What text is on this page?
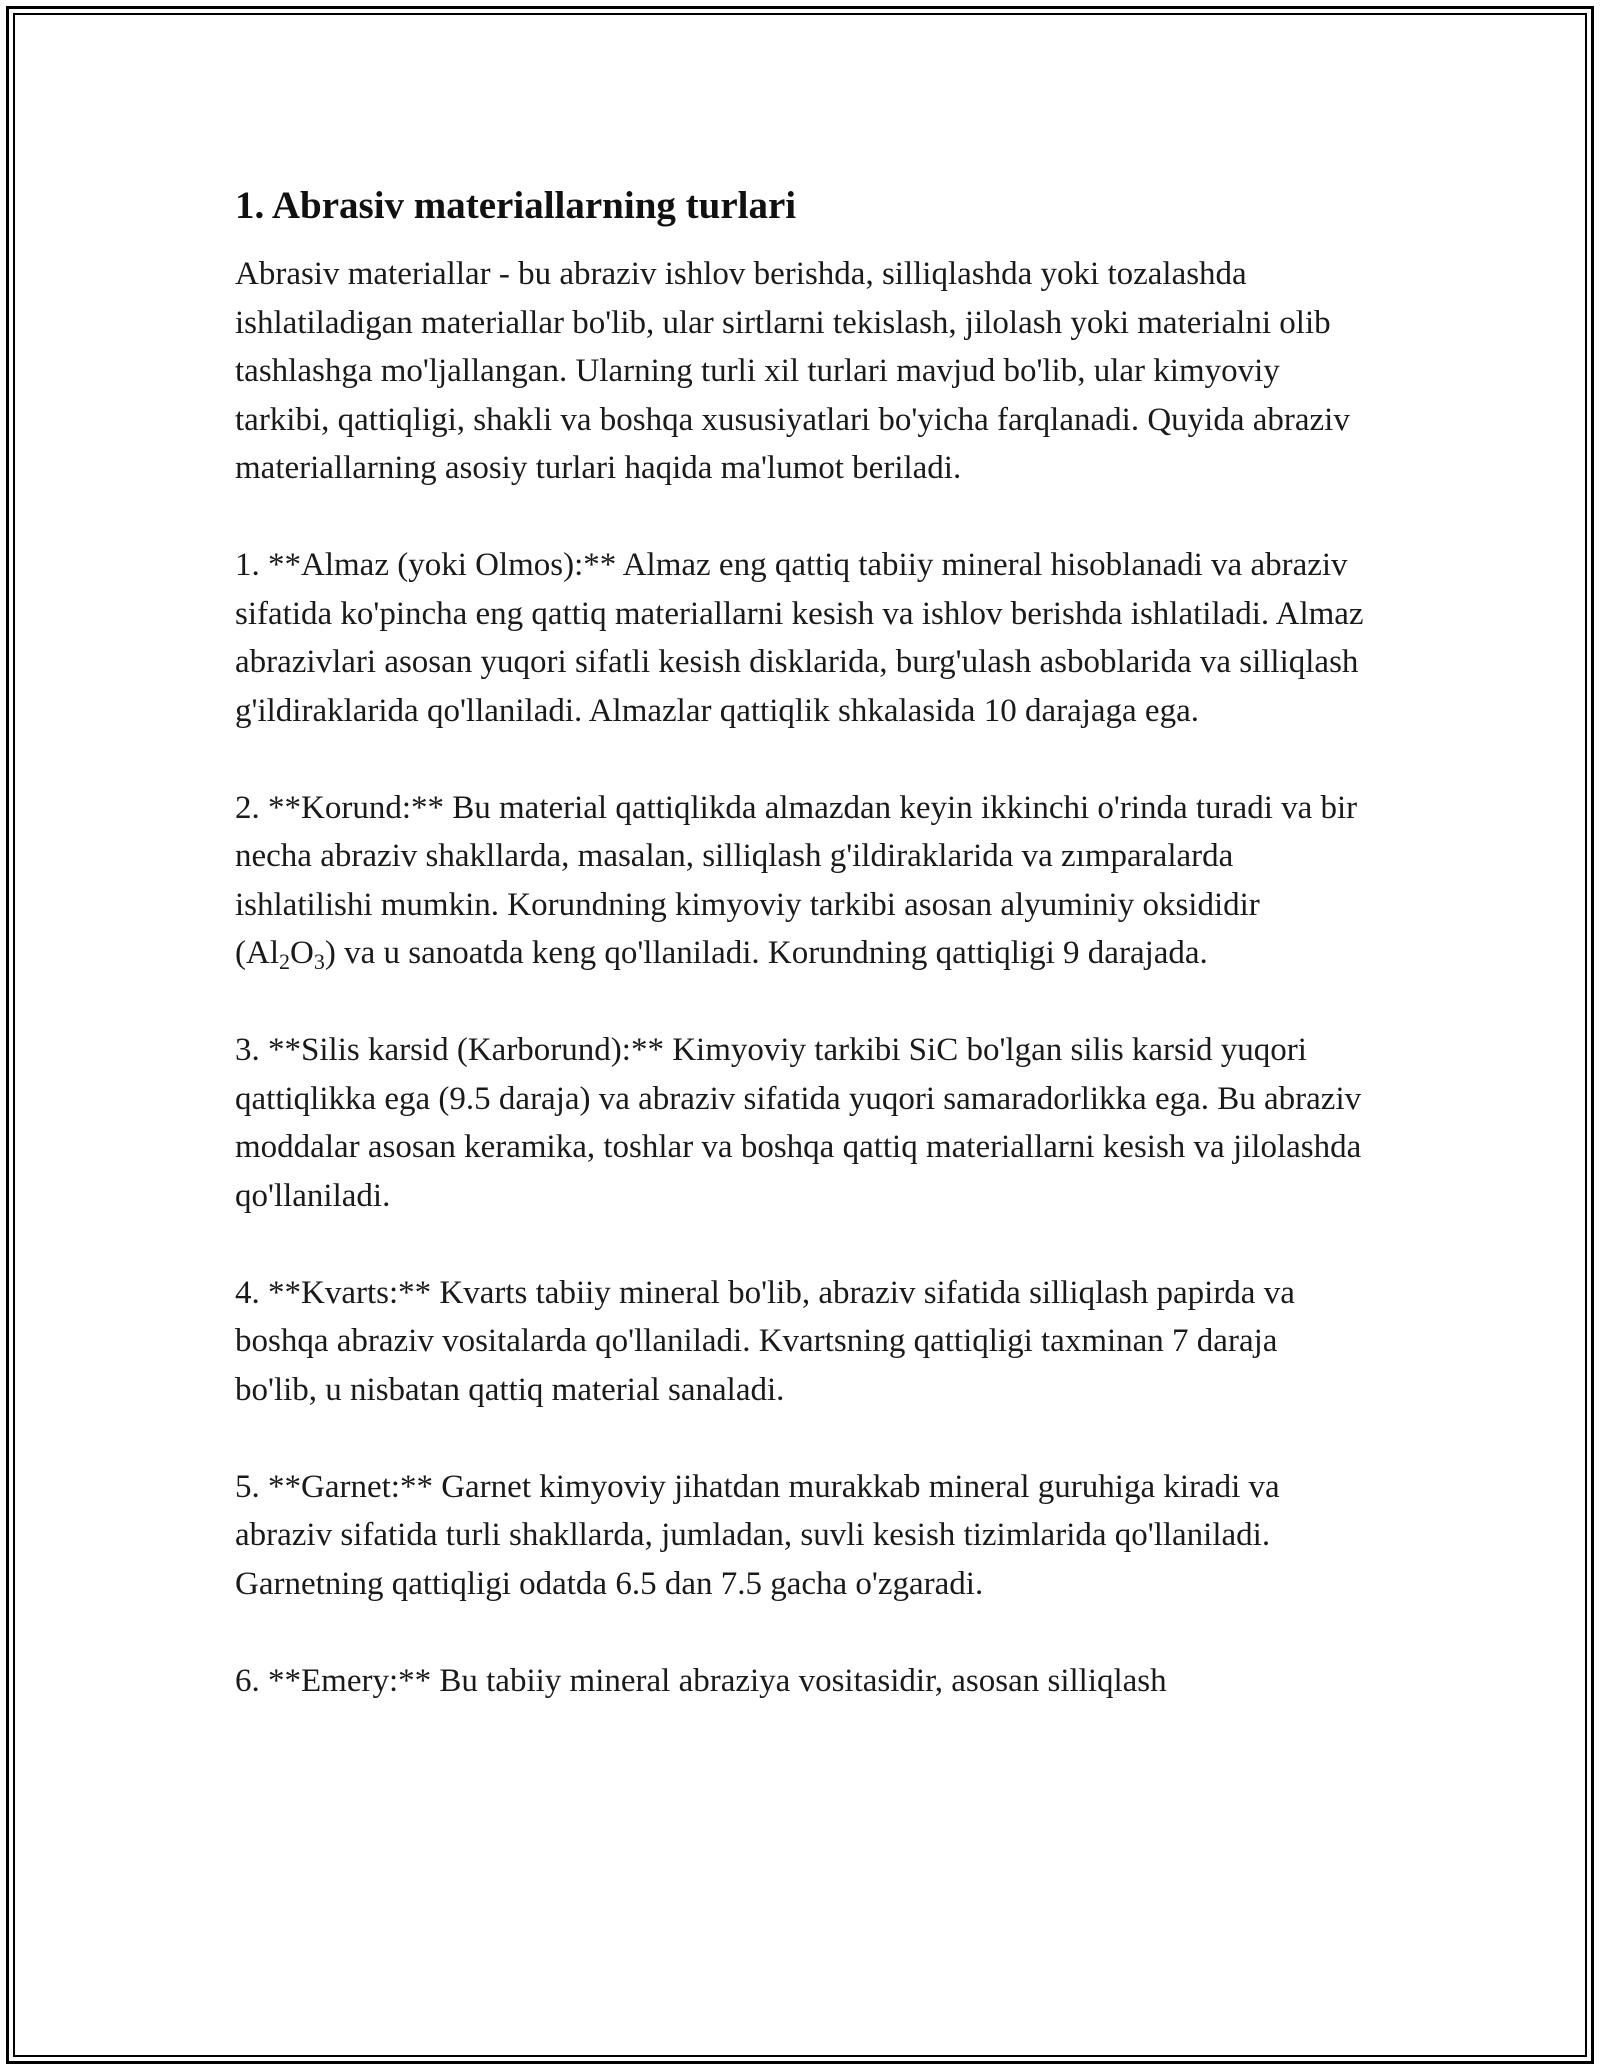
1. Abrasiv materiallarning turlari

Abrasiv materiallar - bu abraziv ishlov berishda, silliqlashda yoki tozalashda ishlatiladigan materiallar bo'lib, ular sirtlarni tekislash, jilolash yoki materialni olib tashlashga mo'ljallangan. Ularning turli xil turlari mavjud bo'lib, ular kimyoviy tarkibi, qattiqligi, shakli va boshqa xususiyatlari bo'yicha farqlanadi. Quyida abraziv materiallarning asosiy turlari haqida ma'lumot beriladi.

1. **Almaz (yoki Olmos):** Almaz eng qattiq tabiiy mineral hisoblanadi va abraziv sifatida ko'pincha eng qattiq materiallarni kesish va ishlov berishda ishlatiladi. Almaz abrazivlari asosan yuqori sifatli kesish disklarida, burg'ulash asboblarida va silliqlash g'ildiraklarida qo'llaniladi. Almazlar qattiqlik shkalasida 10 darajaga ega.

2. **Korund:** Bu material qattiqlikda almazdan keyin ikkinchi o'rinda turadi va bir necha abraziv shakllarda, masalan, silliqlash g'ildiraklarida va zımparalarda ishlatilishi mumkin. Korundning kimyoviy tarkibi asosan alyuminiy oksididir $(Al_2O_3)$ va u sanoatda keng qo'llaniladi. Korundning qattiqligi 9 darajada.

3. **Silis karsid (Karborund):** Kimyoviy tarkibi SiC bo'lgan silis karsid yuqori qattiqlikka ega (9.5 daraja) va abraziv sifatida yuqori samaradorlikka ega. Bu abraziv moddalar asosan keramika, toshlar va boshqa qattiq materiallarni kesish va jilolashda qo'llaniladi.

4. **Kvarts:** Kvarts tabiiy mineral bo'lib, abraziv sifatida silliqlash papirda va boshqa abraziv vositalarda qo'llaniladi. Kvartsning qattiqligi taxminan 7 daraja bo'lib, u nisbatan qattiq material sanaladi.

5. **Garnet:** Garnet kimyoviy jihatdan murakkab mineral guruhiga kiradi va abraziv sifatida turli shakllarda, jumladan, suvli kesish tizimlarida qo'llaniladi. Garnetning qattiqligi odatda 6.5 dan 7.5 gacha o'zgaradi.

6. **Emery:** Bu tabiiy mineral abraziya vositasidir, asosan silliqlash
